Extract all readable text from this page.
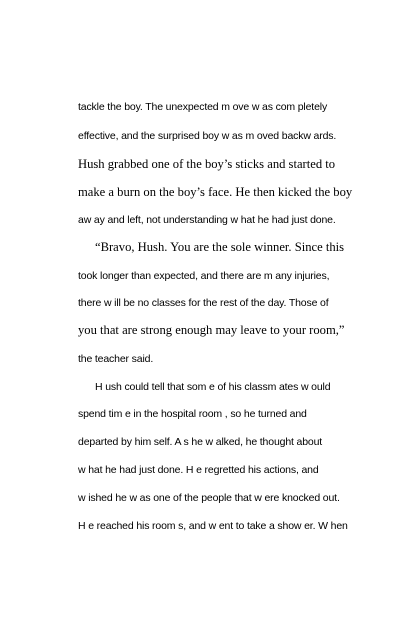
tackle the boy. The unexpected m ove w as com pletely
effective, and the surprised boy w as m oved backw ards.
Hush grabbed one of the boy’s sticks and started to
make a burn on the boy’s face. He then kicked the boy
aw ay and left, not understanding w hat he had just done.
“Bravo, Hush. You are the sole winner. Since this
took longer than expected, and there are m any injuries,
there w ill be no classes for the rest of the day. Those of
you that are strong enough may leave to your room,”
the teacher said.
H ush could tell that som e of his classm ates w ould
spend tim e in the hospital room , so he turned and
departed by him self. A s he w alked, he thought about
w hat he had just done. H e regretted his actions, and
w ished he w as one of the people that w ere knocked out.
H e reached his room s, and w ent to take a show er. W hen
